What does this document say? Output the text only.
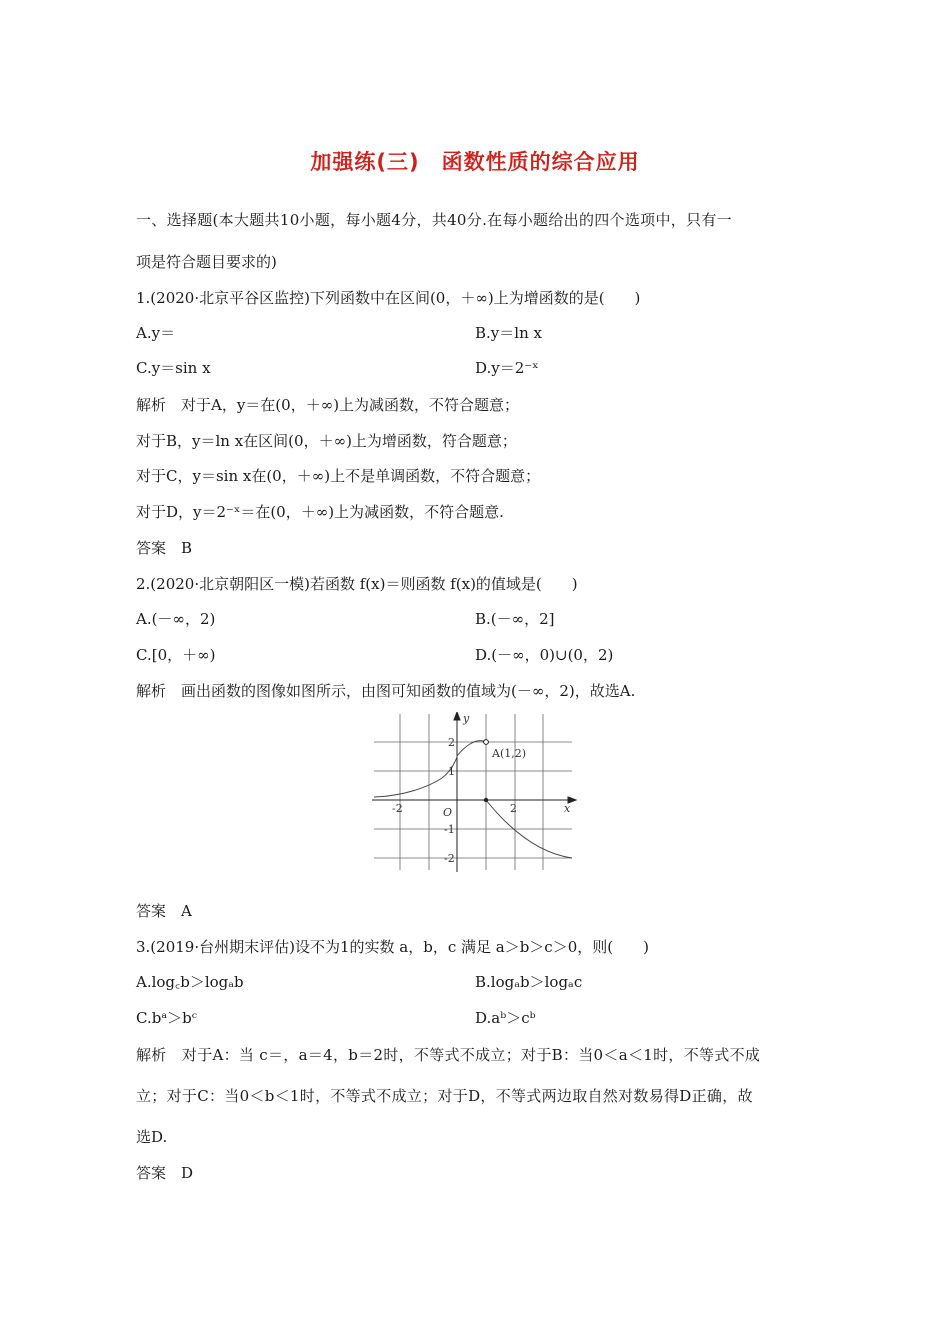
加强练(三)　函数性质的综合应用
一、选择题(本大题共10小题，每小题4分，共40分.在每小题给出的四个选项中，只有一
项是符合题目要求的)
1.(2020·北京平谷区监控)下列函数中在区间(0，＋∞)上为增函数的是(　　)
A.y＝	B.y＝ln x
C.y＝sin x	D.y＝2⁻ˣ
解析　对于A，y＝在(0，＋∞)上为减函数，不符合题意；
对于B，y＝ln x在区间(0，＋∞)上为增函数，符合题意；
对于C，y＝sin x在(0，＋∞)上不是单调函数，不符合题意；
对于D，y＝2⁻ˣ＝在(0，＋∞)上为减函数，不符合题意.
答案　B
2.(2020·北京朝阳区一模)若函数 f(x)＝则函数 f(x)的值域是(　　)
A.(－∞，2)	B.(－∞，2]
C.[0，＋∞)	D.(－∞，0)∪(0，2)
解析　画出函数的图像如图所示，由图可知函数的值域为(－∞，2)，故选A.
A(1,2)
y
x
O
-2	2
2
1
-1
-2
答案　A
3.(2019·台州期末评估)设不为1的实数 a，b，c 满足 a＞b＞c＞0，则(　　)
A.log꜀b＞logₐb	B.logₐb＞logₐc
C.bᵃ＞bᶜ	D.aᵇ＞cᵇ
解析　对于A：当 c＝，a＝4，b＝2时，不等式不成立；对于B：当0＜a＜1时，不等式不成
立；对于C：当0＜b＜1时，不等式不成立；对于D，不等式两边取自然对数易得D正确，故
选D.
答案　D
